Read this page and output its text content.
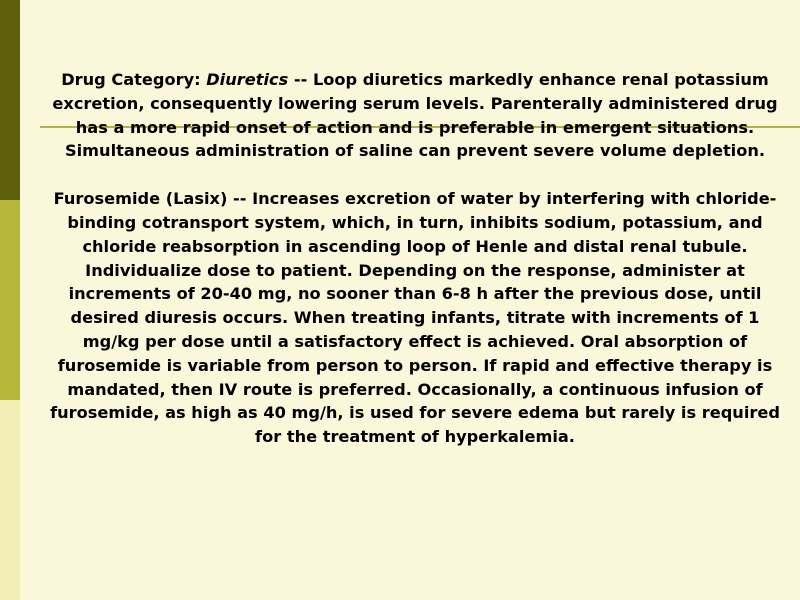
Drug Category: Diuretics -- Loop diuretics markedly enhance renal potassium excretion, consequently lowering serum levels. Parenterally administered drug has a more rapid onset of action and is preferable in emergent situations. Simultaneous administration of saline can prevent severe volume depletion.

Furosemide (Lasix) -- Increases excretion of water by interfering with chloride-binding cotransport system, which, in turn, inhibits sodium, potassium, and chloride reabsorption in ascending loop of Henle and distal renal tubule. Individualize dose to patient. Depending on the response, administer at increments of 20-40 mg, no sooner than 6-8 h after the previous dose, until desired diuresis occurs. When treating infants, titrate with increments of 1 mg/kg per dose until a satisfactory effect is achieved. Oral absorption of furosemide is variable from person to person. If rapid and effective therapy is mandated, then IV route is preferred. Occasionally, a continuous infusion of furosemide, as high as 40 mg/h, is used for severe edema but rarely is required for the treatment of hyperkalemia.
